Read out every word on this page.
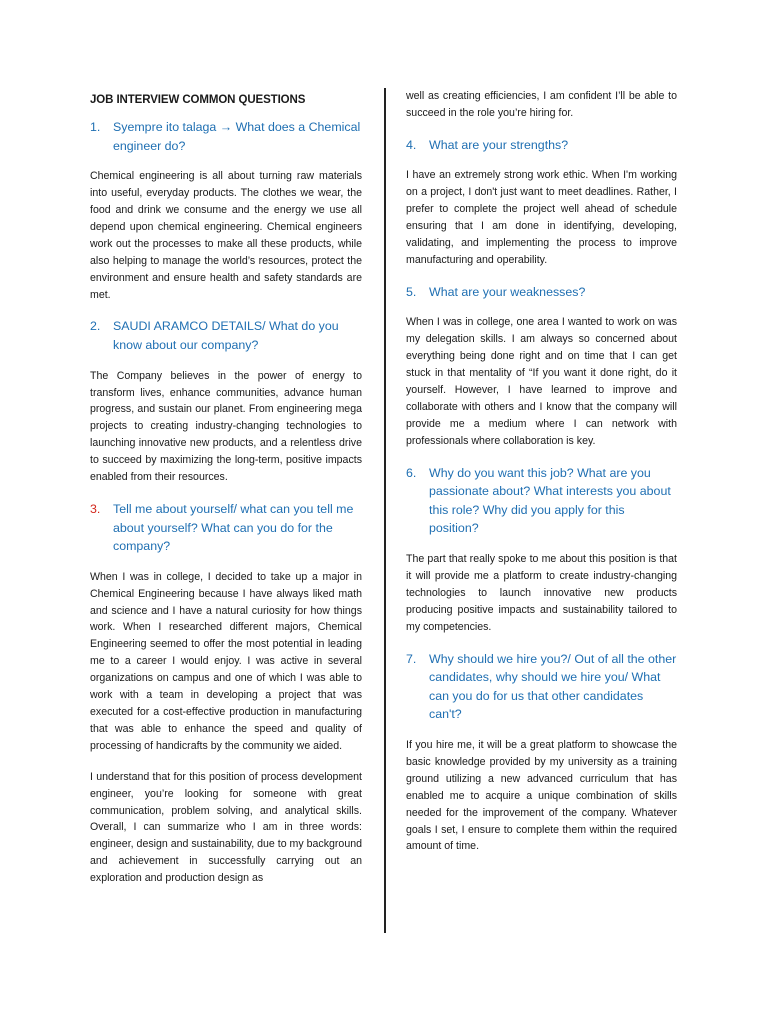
JOB INTERVIEW COMMON QUESTIONS
1.	Syempre ito talaga → What does a Chemical engineer do?

Chemical engineering is all about turning raw materials into useful, everyday products. The clothes we wear, the food and drink we consume and the energy we use all depend upon chemical engineering. Chemical engineers work out the processes to make all these products, while also helping to manage the world’s resources, protect the environment and ensure health and safety standards are met.

2.	SAUDI ARAMCO DETAILS/ What do you know about our company?

The Company believes in the power of energy to transform lives, enhance communities, advance human progress, and sustain our planet. From engineering mega projects to creating industry-changing technologies to launching innovative new products, and a relentless drive to succeed by maximizing the long-term, positive impacts enabled from their resources.

3.	Tell me about yourself/ what can you tell me about yourself? What can you do for the company?

When I was in college, I decided to take up a major in Chemical Engineering because I have always liked math and science and I have a natural curiosity for how things work. When I researched different majors, Chemical Engineering seemed to offer the most potential in leading me to a career I would enjoy. I was active in several organizations on campus and one of which I was able to work with a team in developing a project that was executed for a cost-effective production in manufacturing that was able to enhance the speed and quality of processing of handicrafts by the community we aided.

I understand that for this position of process development engineer, you’re looking for someone with great communication, problem solving, and analytical skills. Overall, I can summarize who I am in three words: engineer, design and sustainability, due to my background and achievement in successfully carrying out an exploration and production design as

well as creating efficiencies, I am confident I’ll be able to succeed in the role you’re hiring for.

4.	What are your strengths?

I have an extremely strong work ethic. When I'm working on a project, I don't just want to meet deadlines. Rather, I prefer to complete the project well ahead of schedule ensuring that I am done in identifying, developing, validating, and implementing the process to improve manufacturing and operability.

5.	What are your weaknesses?

When I was in college, one area I wanted to work on was my delegation skills. I am always so concerned about everything being done right and on time that I can get stuck in that mentality of “If you want it done right, do it yourself. However, I have learned to improve and collaborate with others and I know that the company will provide me a medium where I can network with professionals where collaboration is key.

6.	Why do you want this job? What are you passionate about? What interests you about this role? Why did you apply for this position?

The part that really spoke to me about this position is that it will provide me a platform to create industry-changing technologies to launch innovative new products producing positive impacts and sustainability tailored to my competencies.

7.	Why should we hire you?/ Out of all the other candidates, why should we hire you/ What can you do for us that other candidates can't?

If you hire me, it will be a great platform to showcase the basic knowledge provided by my university as a training ground utilizing a new advanced curriculum that has enabled me to acquire a unique combination of skills needed for the improvement of the company. Whatever goals I set, I ensure to complete them within the required amount of time.
